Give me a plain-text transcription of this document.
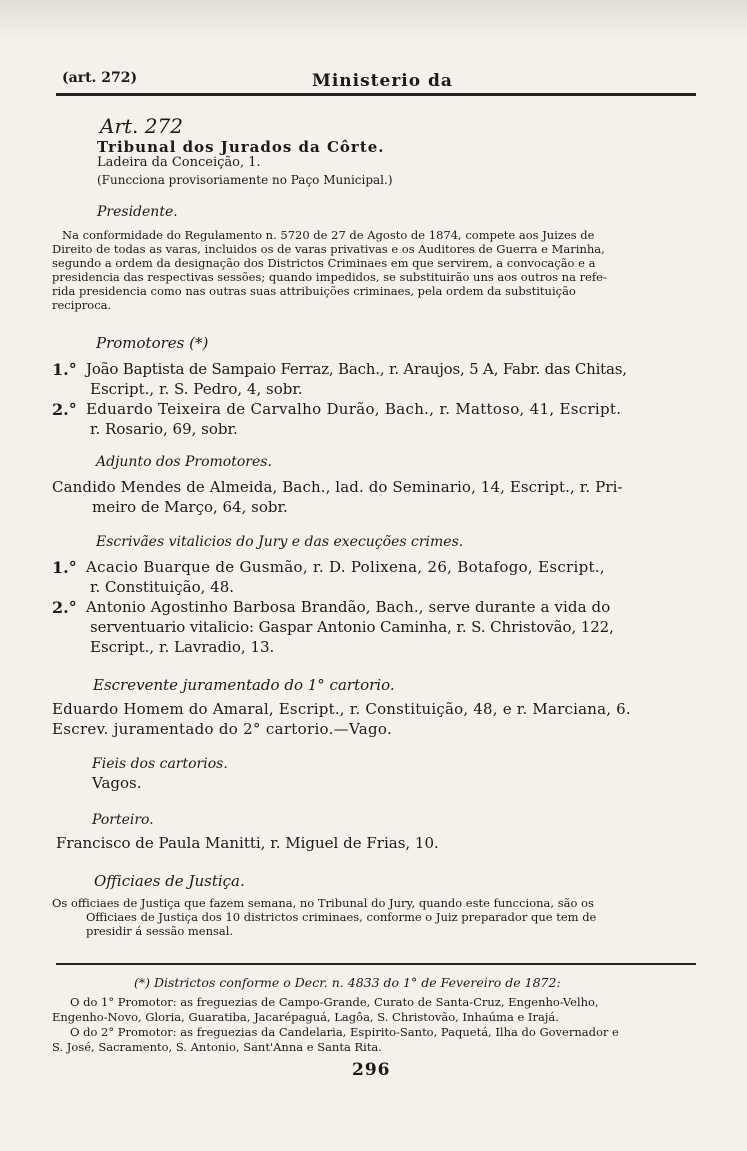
(art. 272)	Ministerio da
Art. 272
Tribunal dos Jurados da Côrte.
Ladeira da Conceição, 1.
(Funcciona provisoriamente no Paço Municipal.)
Presidente.
Na conformidade do Regulamento n. 5720 de 27 de Agosto de 1874, compete aos Juizes de
Direito de todas as varas, incluidos os de varas privativas e os Auditores de Guerra e Marinha,
segundo a ordem da designação dos Districtos Criminaes em que servirem, a convocação e a
presidencia das respectivas sessões; quando impedidos, se substituirão uns aos outros na refe-
rida presidencia como nas outras suas attribuições criminaes, pela ordem da substituição
reciproca.
Promotores (*)
1.° João Baptista de Sampaio Ferraz, Bach., r. Araujos, 5 A, Fabr. das Chitas,
Escript., r. S. Pedro, 4, sobr.
2.° Eduardo Teixeira de Carvalho Durão, Bach., r. Mattoso, 41, Escript.
r. Rosario, 69, sobr.
Adjunto dos Promotores.
Candido Mendes de Almeida, Bach., lad. do Seminario, 14, Escript., r. Pri-
meiro de Março, 64, sobr.
Escrivães vitalicios do Jury e das execuções crimes.
1.° Acacio Buarque de Gusmão, r. D. Polixena, 26, Botafogo, Escript.,
r. Constituição, 48.
2.° Antonio Agostinho Barbosa Brandão, Bach., serve durante a vida do
serventuario vitalicio: Gaspar Antonio Caminha, r. S. Christovão, 122,
Escript., r. Lavradio, 13.
Escrevente juramentado do 1° cartorio.
Eduardo Homem do Amaral, Escript., r. Constituição, 48, e r. Marciana, 6.
Escrev. juramentado do 2° cartorio.—Vago.
Fieis dos cartorios.
Vagos.
Porteiro.
Francisco de Paula Manitti, r. Miguel de Frias, 10.
Officiaes de Justiça.
Os officiaes de Justiça que fazem semana, no Tribunal do Jury, quando este funcciona, são os
Officiaes de Justiça dos 10 districtos criminaes, conforme o Juiz preparador que tem de
presidir á sessão mensal.
(*) Districtos conforme o Decr. n. 4833 do 1° de Fevereiro de 1872:
O do 1° Promotor: as freguezias de Campo-Grande, Curato de Santa-Cruz, Engenho-Velho,
Engenho-Novo, Gloria, Guaratiba, Jacarépaguá, Lagôa, S. Christovão, Inhaúma e Irajá.
O do 2° Promotor: as freguezias da Candelaria, Espirito-Santo, Paquetá, Ilha do Governador e
S. José, Sacramento, S. Antonio, Sant'Anna e Santa Rita.
296
